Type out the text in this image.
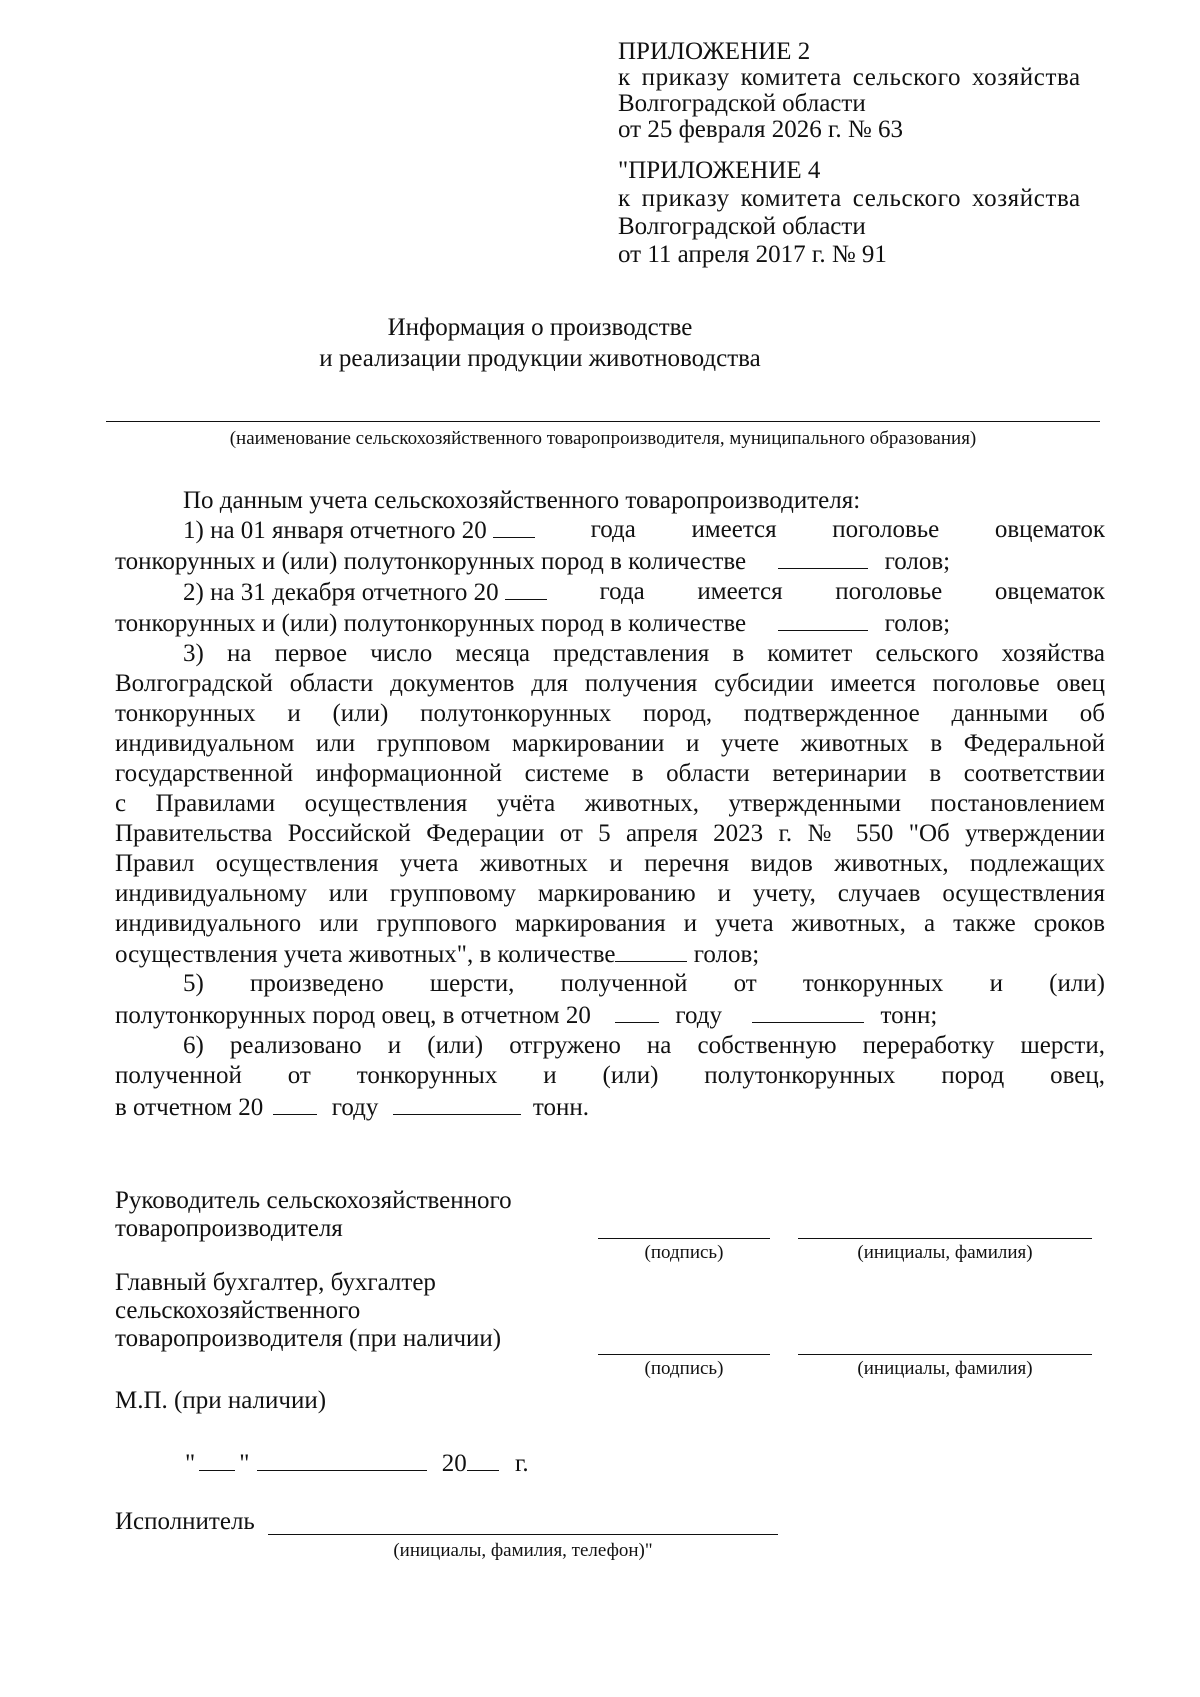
ПРИЛОЖЕНИЕ 2
к приказу комитета сельского хозяйства
Волгоградской области
от 25 февраля 2026 г. № 63
"ПРИЛОЖЕНИЕ 4
к приказу комитета сельского хозяйства
Волгоградской области
от 11 апреля 2017 г. № 91
Информация о производстве
и реализации продукции животноводства
(наименование сельскохозяйственного товаропроизводителя, муниципального образования)
По данным учета сельскохозяйственного товаропроизводителя:
1) на 01 января отчетного 20	года имеется поголовье овцематок
тонкорунных и (или) полутонкорунных пород в количестве	голов;
2) на 31 декабря отчетного 20	года имеется поголовье овцематок
тонкорунных и (или) полутонкорунных пород в количестве	голов;
3) на первое число месяца представления в комитет сельского хозяйства
Волгоградской области документов для получения субсидии имеется поголовье овец
тонкорунных и (или) полутонкорунных пород, подтвержденное данными об
индивидуальном или групповом маркировании и учете животных в Федеральной
государственной информационной системе в области ветеринарии в соответствии
с Правилами осуществления учёта животных, утвержденными постановлением
Правительства Российской Федерации от 5 апреля 2023 г. № 550 "Об утверждении
Правил осуществления учета животных и перечня видов животных, подлежащих
индивидуальному или групповому маркированию и учету, случаев осуществления
индивидуального или группового маркирования и учета животных, а также сроков
осуществления учета животных", в количестве	голов;
5) произведено шерсти, полученной от тонкорунных и (или)
полутонкорунных пород овец, в отчетном 20	году	тонн;
6) реализовано и (или) отгружено на собственную переработку шерсти,
полученной от тонкорунных и (или) полутонкорунных пород овец,
в отчетном 20	году	тонн.
Руководитель сельскохозяйственного
товаропроизводителя
(подпись)	(инициалы, фамилия)
Главный бухгалтер, бухгалтер
сельскохозяйственного
товаропроизводителя (при наличии)
(подпись)	(инициалы, фамилия)
М.П. (при наличии)
" "	20 г.
Исполнитель
(инициалы, фамилия, телефон)"
